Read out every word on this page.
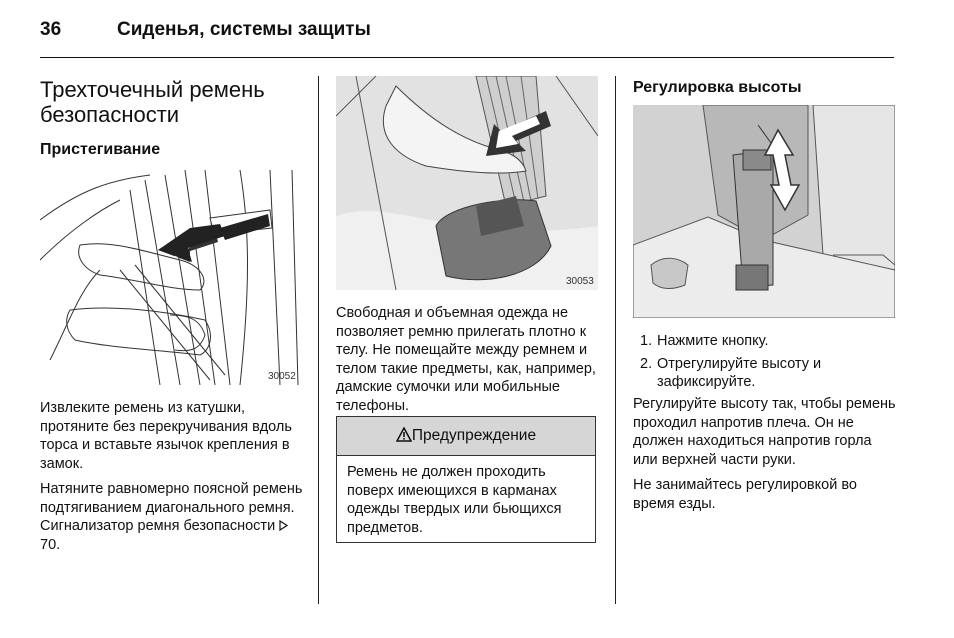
36	Сиденья, системы защиты
Трехточечный ремень безопасности
Пристегивание
30052

Извлеките ремень из катушки, протяните без перекручивания вдоль торса и вставьте язычок крепления в замок.

Натяните равномерно поясной ремень подтягиванием диагонального ремня. Сигнализатор ремня безопасности  70.

30053

Свободная и объемная одежда не позволяет ремню прилегать плотно к телу. Не помещайте между ремнем и телом такие предметы, как, например, дамские сумочки или мобильные телефоны.

Предупреждение
Ремень не должен проходить поверх имеющихся в карманах одежды твердых или бьющихся предметов.
Регулировка высоты
1. Нажмите кнопку.
2. Отрегулируйте высоту и зафиксируйте.

Регулируйте высоту так, чтобы ремень проходил напротив плеча. Он не должен находиться напротив горла или верхней части руки.

Не занимайтесь регулировкой во время езды.
